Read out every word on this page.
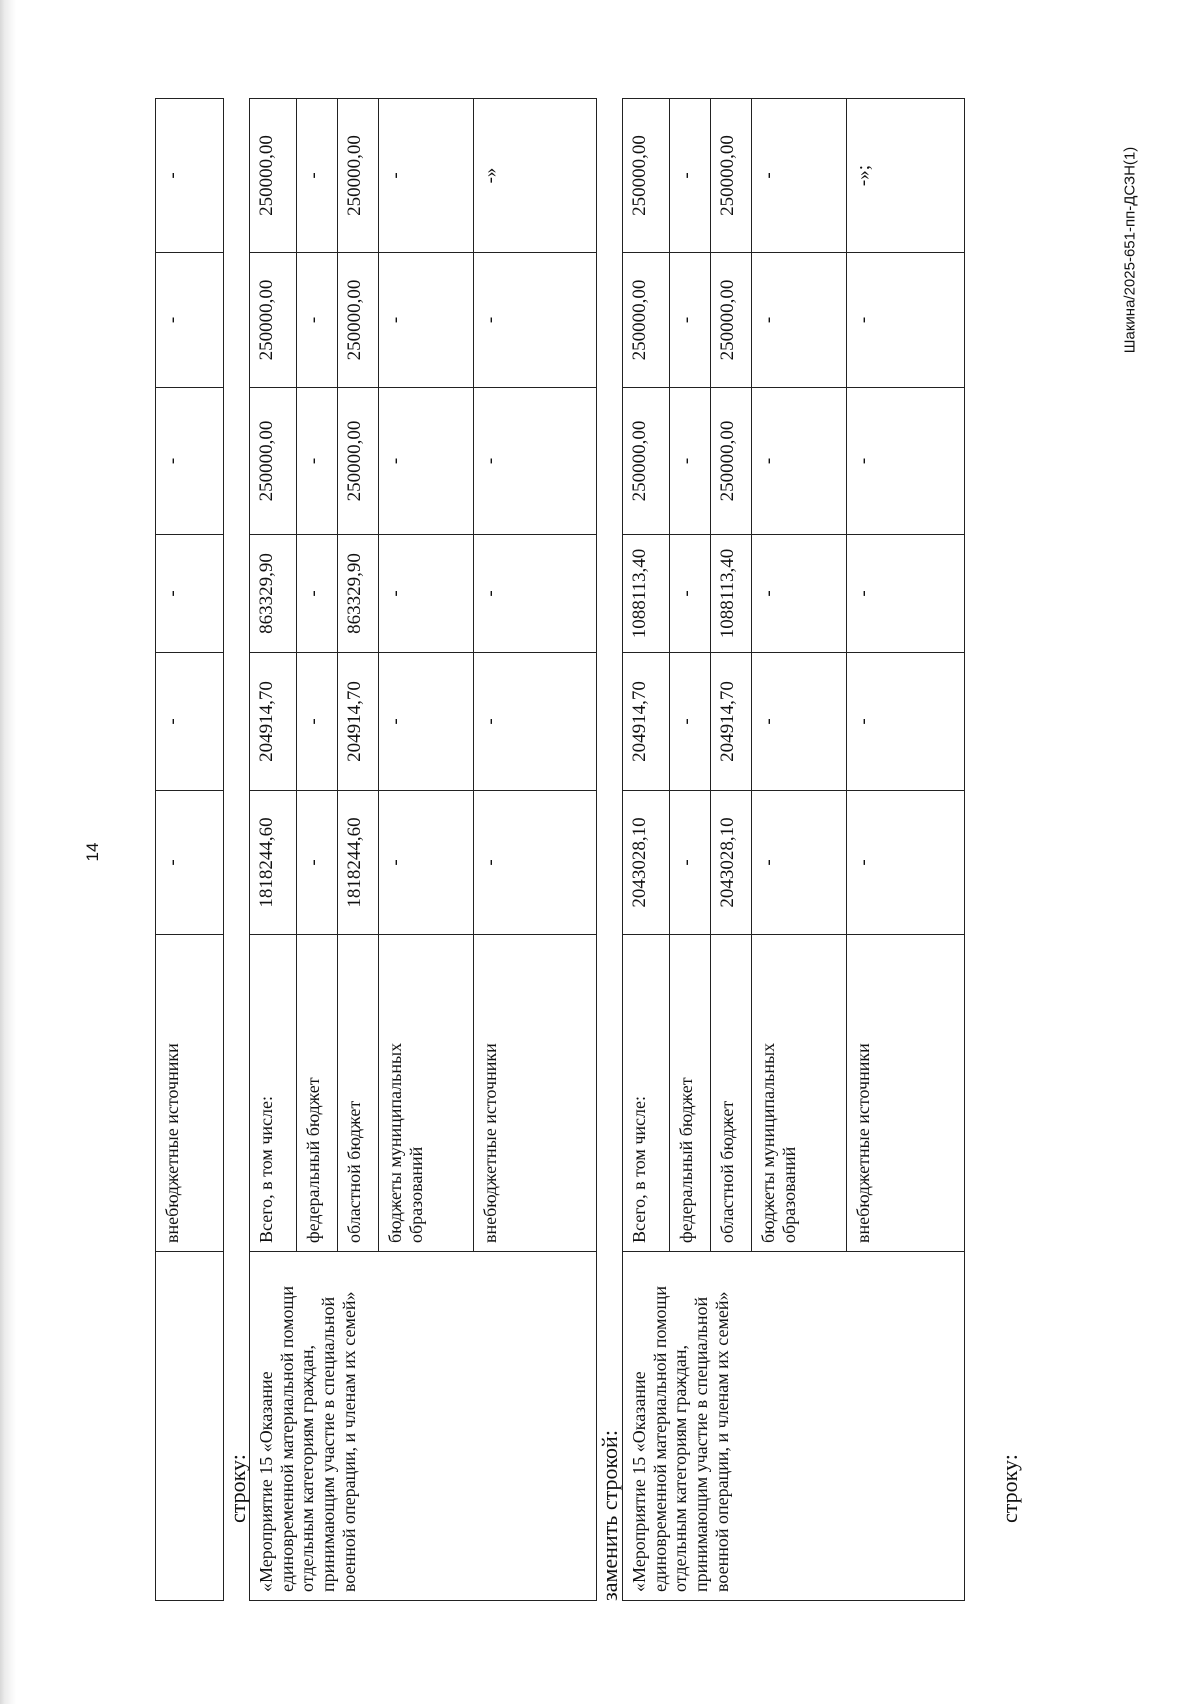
14
Шакина/2025-651-пп-ДСЗН(1)
	внебюджетные источники	-	-	-	-	-	-
строку: «Мероприятие 15 «Оказание единовременной материальной помощи отдельным категориям граждан, принимающим участие в специальной военной операции, и членам их семей»	Всего, в том числе:	1818244,60	204914,70	863329,90	250000,00	250000,00	250000,00
	федеральный бюджет	-	-	-	-	-	-
	областной бюджет	1818244,60	204914,70	863329,90	250000,00	250000,00	250000,00
	бюджеты муниципальных образований	-	-	-	-	-	-
	внебюджетные источники	-	-	-	-	-	-»
заменить строкой: «Мероприятие 15 «Оказание единовременной материальной помощи отдельным категориям граждан, принимающим участие в специальной военной операции, и членам их семей»	Всего, в том числе:	2043028,10	204914,70	1088113,40	250000,00	250000,00	250000,00
	федеральный бюджет	-	-	-	-	-	-
	областной бюджет	2043028,10	204914,70	1088113,40	250000,00	250000,00	250000,00
	бюджеты муниципальных образований	-	-	-	-	-	-
	внебюджетные источники	-	-	-	-	-	-»;
строку:
